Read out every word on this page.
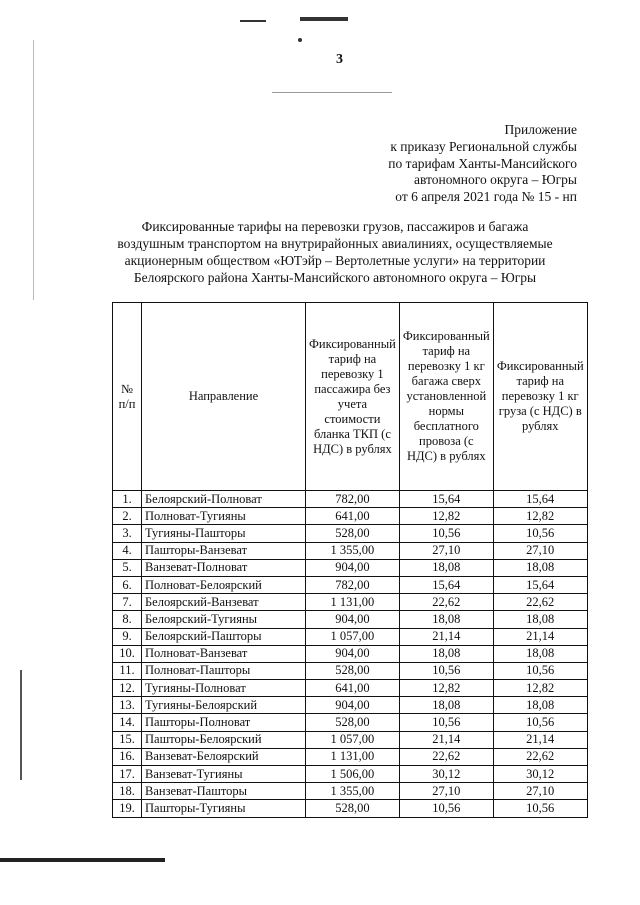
3
Приложение
к приказу Региональной службы
по тарифам Ханты-Мансийского
автономного округа – Югры
от 6 апреля 2021 года № 15 - нп
Фиксированные тарифы на перевозки грузов, пассажиров и багажа
воздушным транспортом на внутрирайонных авиалиниях, осуществляемые
акционерным обществом «ЮТэйр – Вертолетные услуги» на территории
Белоярского района Ханты-Мансийского автономного округа – Югры
№ п/п	Направление	Фиксированный тариф на перевозку 1 пассажира без учета стоимости бланка ТКП (с НДС) в рублях	Фиксированный тариф на перевозку 1 кг багажа сверх установленной нормы бесплатного провоза (с НДС) в рублях	Фиксированный тариф на перевозку 1 кг груза (с НДС) в рублях
1.	Белоярский-Полноват	782,00	15,64	15,64
2.	Полноват-Тугияны	641,00	12,82	12,82
3.	Тугияны-Пашторы	528,00	10,56	10,56
4.	Пашторы-Ванзеват	1 355,00	27,10	27,10
5.	Ванзеват-Полноват	904,00	18,08	18,08
6.	Полноват-Белоярский	782,00	15,64	15,64
7.	Белоярский-Ванзеват	1 131,00	22,62	22,62
8.	Белоярский-Тугияны	904,00	18,08	18,08
9.	Белоярский-Пашторы	1 057,00	21,14	21,14
10.	Полноват-Ванзеват	904,00	18,08	18,08
11.	Полноват-Пашторы	528,00	10,56	10,56
12.	Тугияны-Полноват	641,00	12,82	12,82
13.	Тугияны-Белоярский	904,00	18,08	18,08
14.	Пашторы-Полноват	528,00	10,56	10,56
15.	Пашторы-Белоярский	1 057,00	21,14	21,14
16.	Ванзеват-Белоярский	1 131,00	22,62	22,62
17.	Ванзеват-Тугияны	1 506,00	30,12	30,12
18.	Ванзеват-Пашторы	1 355,00	27,10	27,10
19.	Пашторы-Тугияны	528,00	10,56	10,56
